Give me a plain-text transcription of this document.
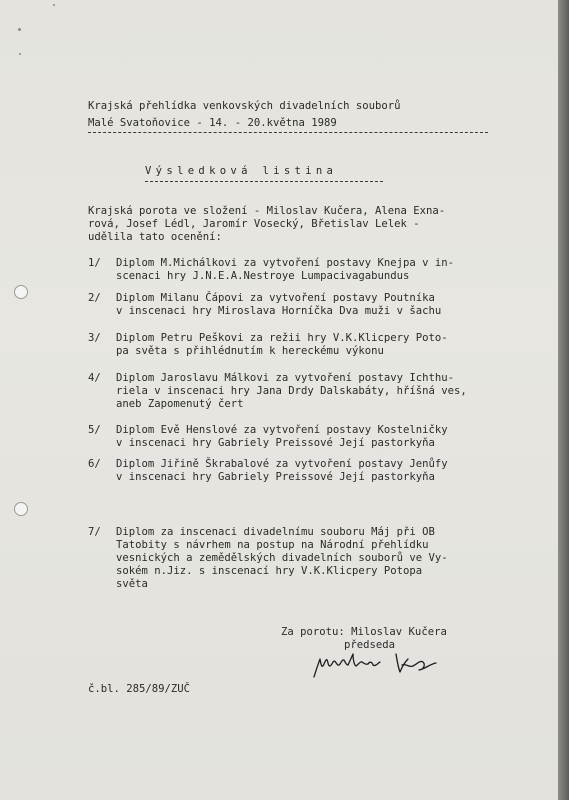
Krajská přehlídka venkovských divadelních souborů
Malé Svatoňovice - 14. - 20.května 1989
Výsledková listina
Krajská porota ve složení - Miloslav Kučera, Alena Exna-
rová, Josef Lédl, Jaromír Vosecký, Břetislav Lelek -
udělila tato ocenění:
1/ Diplom M.Michálkovi za vytvoření postavy Knejpa v in-
scenaci hry J.N.E.A.Nestroye Lumpacivagabundus
2/ Diplom Milanu Čápovi za vytvoření postavy Poutníka
v inscenaci hry Miroslava Horníčka Dva muži v šachu
3/ Diplom Petru Peškovi za režii hry V.K.Klicpery Poto-
pa světa s přihlédnutím k hereckému výkonu
4/ Diplom Jaroslavu Málkovi za vytvoření postavy Ichthu-
riela v inscenaci hry Jana Drdy Dalskabáty, hříšná ves,
aneb Zapomenutý čert
5/ Diplom Evě Henslové za vytvoření postavy Kostelničky
v inscenaci hry Gabriely Preissové Její pastorkyňa
6/ Diplom Jiřině Škrabalové za vytvoření postavy Jenůfy
v inscenaci hry Gabriely Preissové Její pastorkyňa
7/ Diplom za inscenaci divadelnímu souboru Máj při OB
Tatobity s návrhem na postup na Národní přehlídku
vesnických a zemědělských divadelních souborů ve Vy-
sokém n.Jiz. s inscenací hry V.K.Klicpery Potopa
světa
Za porotu: Miloslav Kučera
předseda
č.bl. 285/89/ZUČ
